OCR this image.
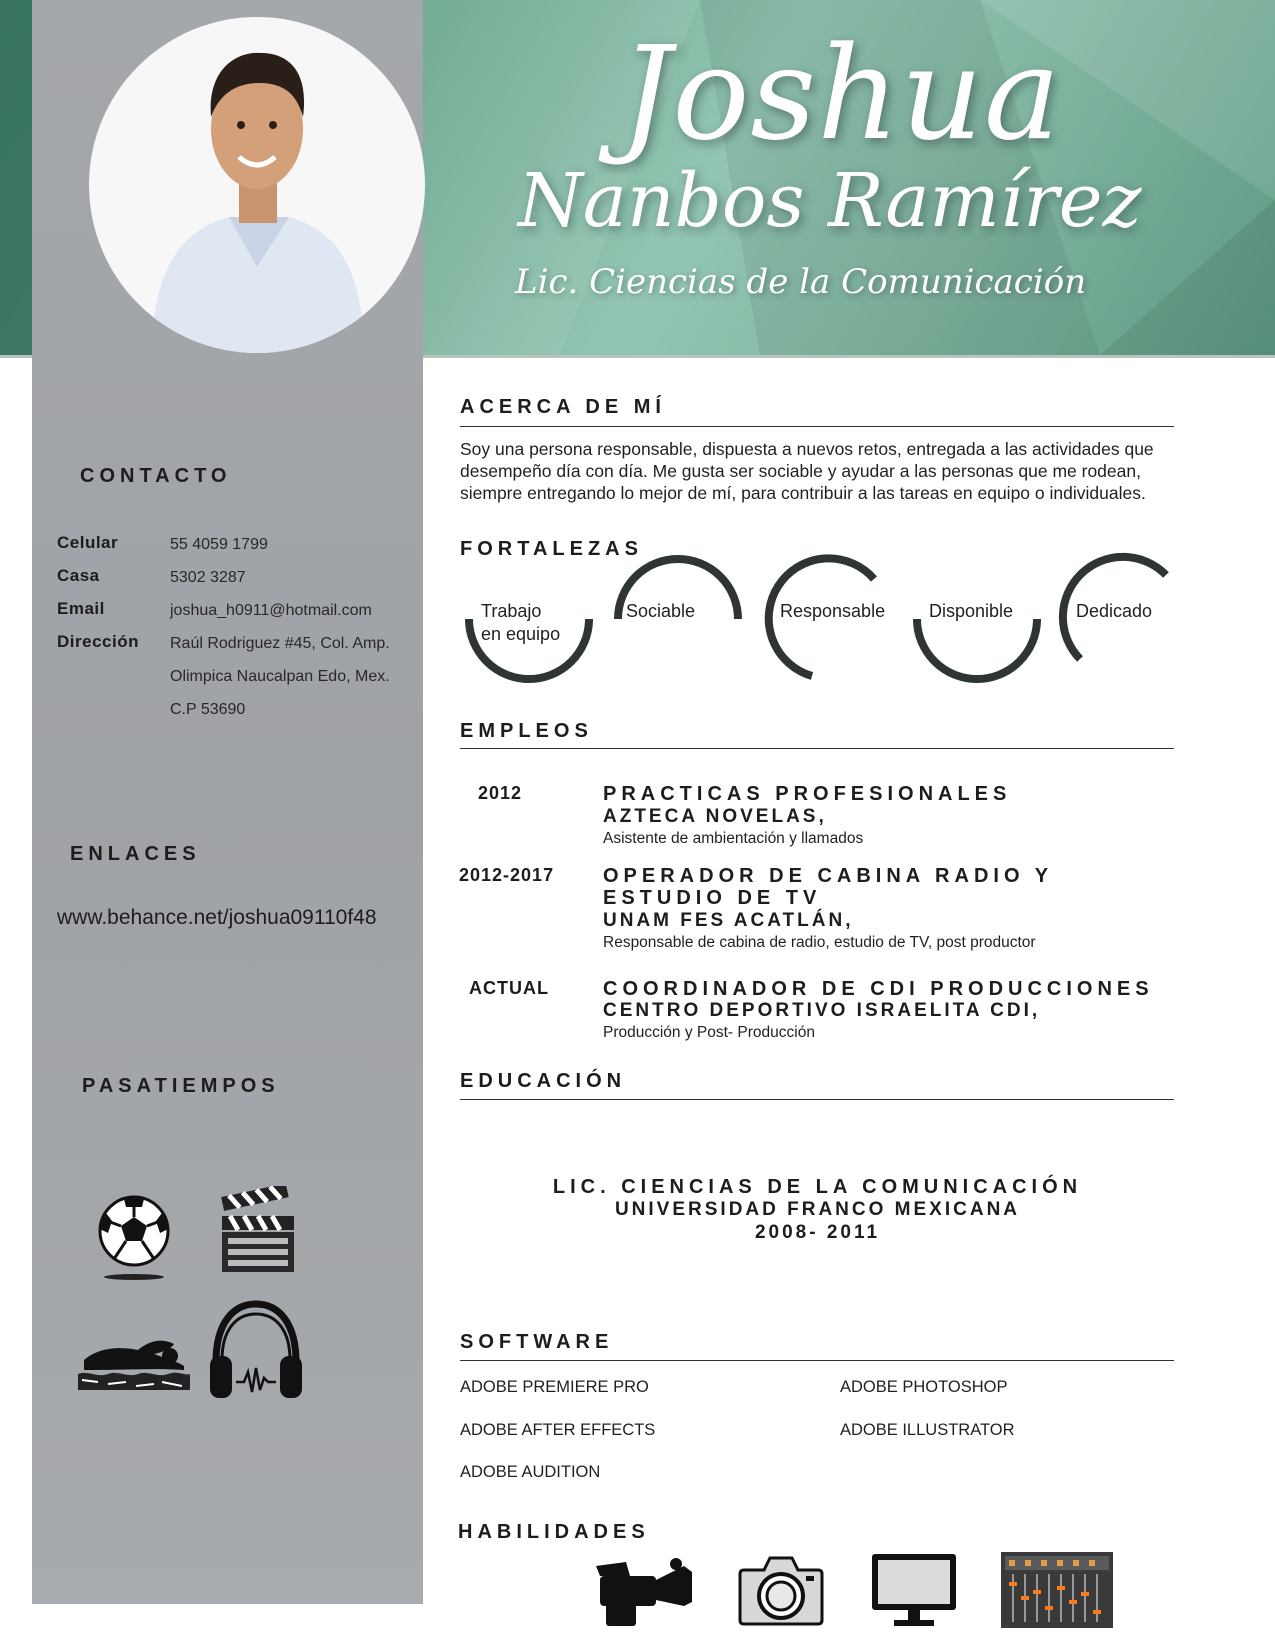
Joshua
Nanbos Ramírez
Lic. Ciencias de la Comunicación
CONTACTO
Celular	55 4059 1799
Casa	5302 3287
Email	joshua_h0911@hotmail.com
Dirección Raúl Rodriguez #45, Col. Amp.
Olimpica Naucalpan Edo, Mex.
C.P 53690
ENLACES
www.behance.net/joshua09110f48
PASATIEMPOS
ACERCA DE MÍ
Soy una persona responsable, dispuesta a nuevos retos, entregada a las actividades que desempeño día con día. Me gusta ser sociable y ayudar a las personas que me rodean, siempre entregando lo mejor de mí, para contribuir a las tareas en equipo o individuales.
FORTALEZAS
Trabajo
en equipo
Sociable	Responsable Disponible	Dedicado
EMPLEOS
2012	PRACTICAS PROFESIONALES
AZTECA NOVELAS,
Asistente de ambientación y llamados
2012-2017 OPERADOR DE CABINA RADIO Y
ESTUDIO DE TV
UNAM FES ACATLÁN,
Responsable de cabina de radio, estudio de TV, post productor
ACTUAL	COORDINADOR DE CDI PRODUCCIONES
CENTRO DEPORTIVO ISRAELITA CDI,
Producción y Post- Producción
EDUCACIÓN
LIC. CIENCIAS DE LA COMUNICACIÓN
UNIVERSIDAD FRANCO MEXICANA
2008- 2011
SOFTWARE
ADOBE PREMIERE PRO	ADOBE PHOTOSHOP
ADOBE AFTER EFFECTS	ADOBE ILLUSTRATOR
ADOBE AUDITION
HABILIDADES
